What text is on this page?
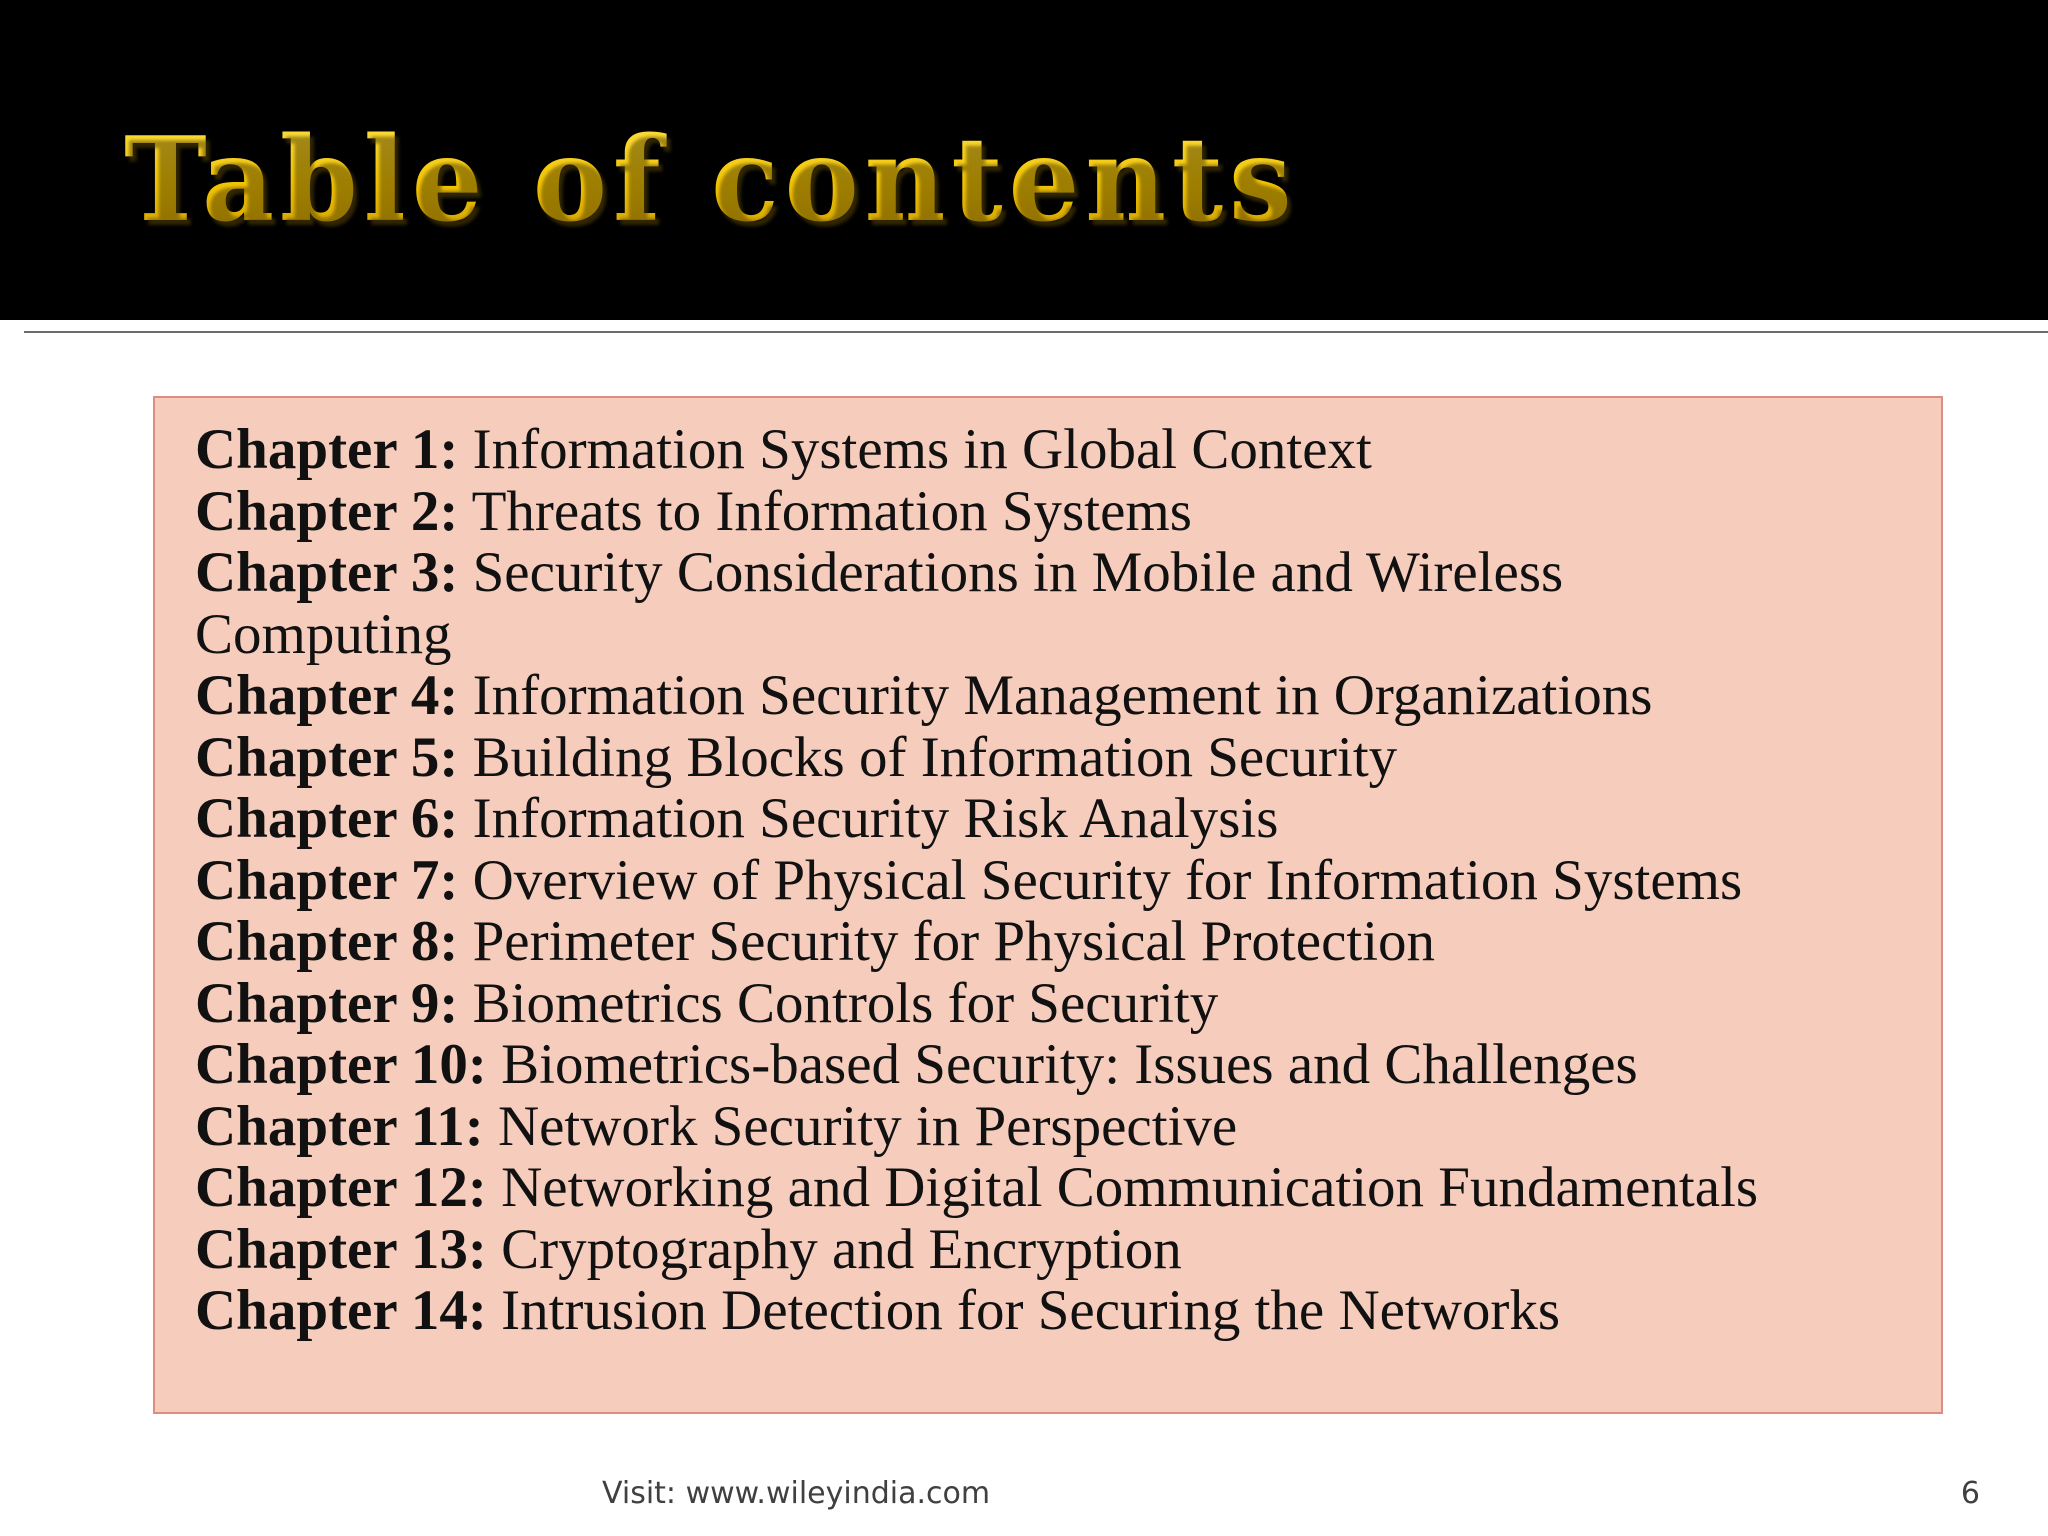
Table of contents
Chapter 1: Information Systems in Global Context
Chapter 2: Threats to Information Systems
Chapter 3: Security Considerations in Mobile and Wireless Computing
Chapter 4: Information Security Management in Organizations
Chapter 5: Building Blocks of Information Security
Chapter 6: Information Security Risk Analysis
Chapter 7: Overview of Physical Security for Information Systems
Chapter 8: Perimeter Security for Physical Protection
Chapter 9: Biometrics Controls for Security
Chapter 10: Biometrics-based Security: Issues and Challenges
Chapter 11: Network Security in Perspective
Chapter 12: Networking and Digital Communication Fundamentals
Chapter 13: Cryptography and Encryption
Chapter 14: Intrusion Detection for Securing the Networks
Visit: www.wileyindia.com	6
